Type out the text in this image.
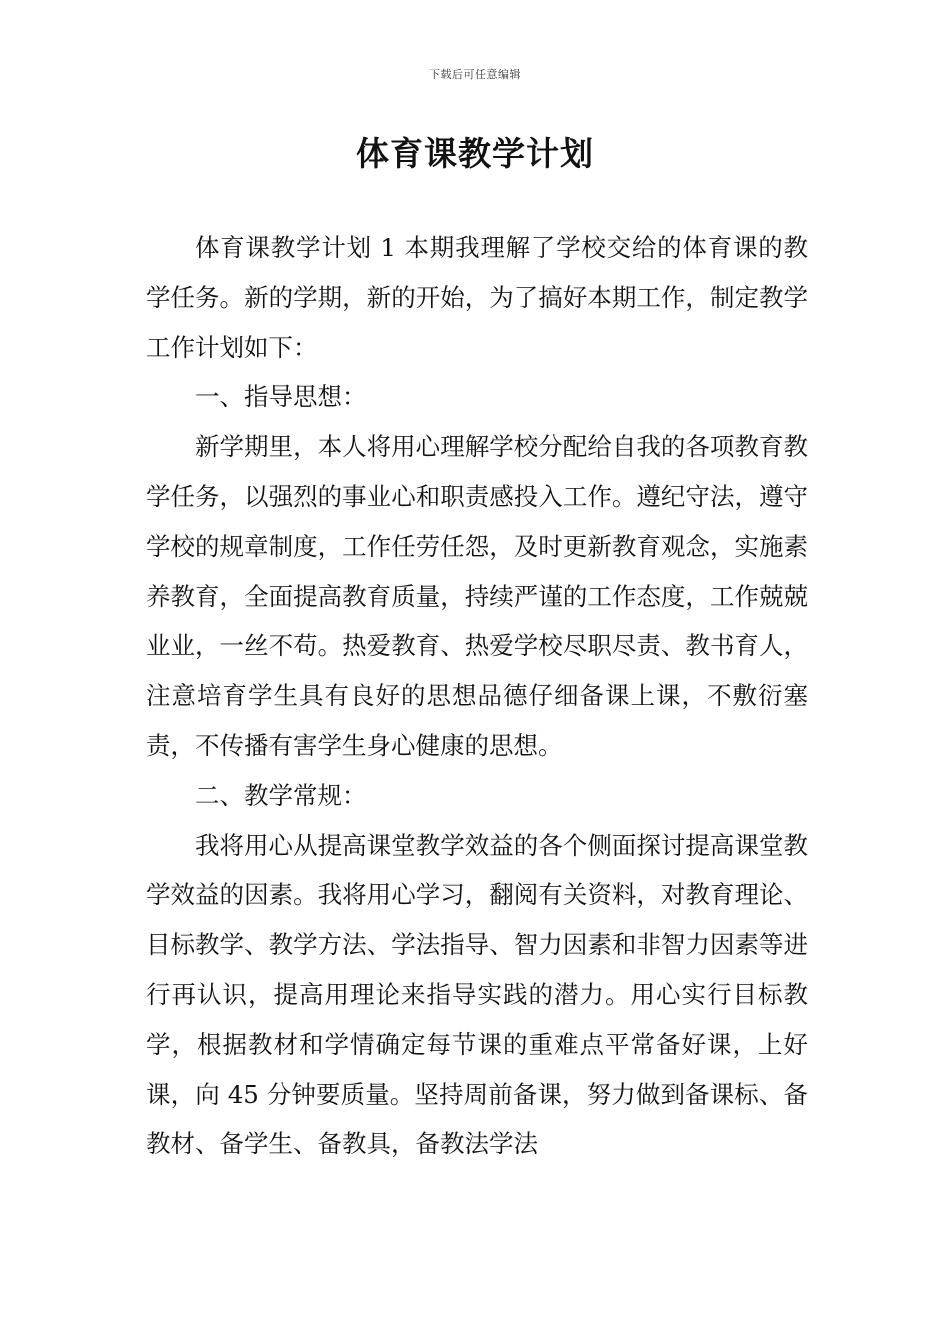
下载后可任意编辑
体育课教学计划

体育课教学计划 1 本期我理解了学校交给的体育课的教学任务。新的学期，新的开始，为了搞好本期工作，制定教学工作计划如下：

一、指导思想：

新学期里，本人将用心理解学校分配给自我的各项教育教学任务，以强烈的事业心和职责感投入工作。遵纪守法，遵守学校的规章制度，工作任劳任怨，及时更新教育观念，实施素养教育，全面提高教育质量，持续严谨的工作态度，工作兢兢业业，一丝不苟。热爱教育、热爱学校尽职尽责、教书育人，注意培育学生具有良好的思想品德仔细备课上课，不敷衍塞责，不传播有害学生身心健康的思想。

二、教学常规：

我将用心从提高课堂教学效益的各个侧面探讨提高课堂教学效益的因素。我将用心学习，翻阅有关资料，对教育理论、目标教学、教学方法、学法指导、智力因素和非智力因素等进行再认识，提高用理论来指导实践的潜力。用心实行目标教学，根据教材和学情确定每节课的重难点平常备好课，上好课，向 45 分钟要质量。坚持周前备课，努力做到备课标、备教材、备学生、备教具，备教法学法
